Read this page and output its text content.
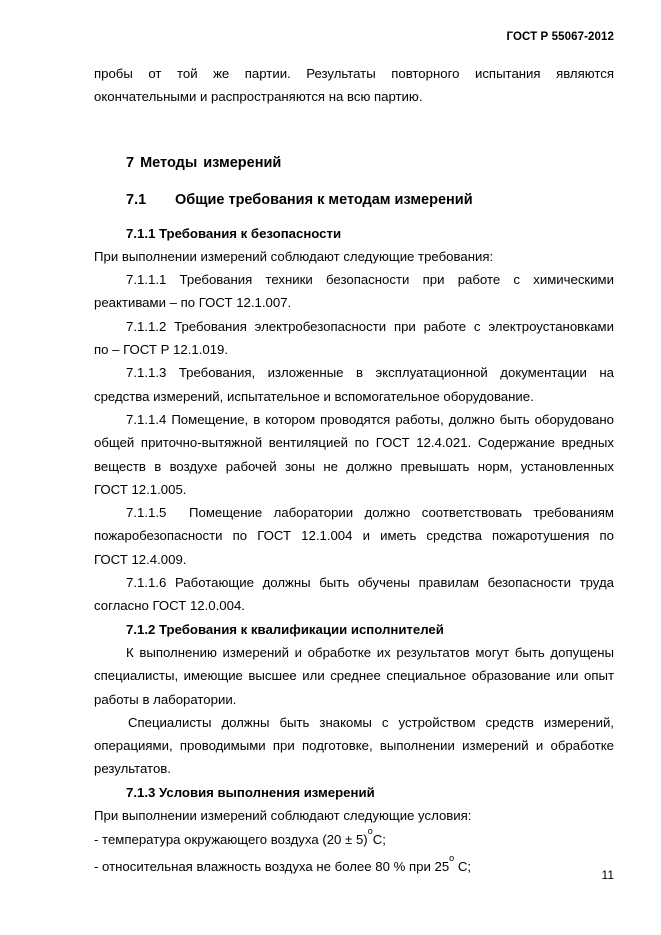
ГОСТ Р 55067-2012

пробы от той же партии. Результаты повторного испытания являются

окончательными и распространяются на всю партию.

7 Методы измерений

7.1 Общие требования к методам измерений

7.1.1 Требования к безопасности

При выполнении измерений соблюдают следующие требования:

7.1.1.1 Требования техники безопасности при работе с химическими

реактивами – по ГОСТ 12.1.007.

7.1.1.2 Требования электробезопасности при работе с электроустановками

по – ГОСТ Р 12.1.019.

7.1.1.3 Требования, изложенные в эксплуатационной документации на

средства измерений, испытательное и вспомогательное оборудование.

7.1.1.4 Помещение, в котором проводятся работы, должно быть оборудовано

общей приточно-вытяжной вентиляцией по ГОСТ 12.4.021. Содержание вредных

веществ в воздухе рабочей зоны не должно превышать норм, установленных

ГОСТ 12.1.005.

7.1.1.5  Помещение лаборатории должно соответствовать требованиям

пожаробезопасности по ГОСТ 12.1.004 и иметь средства пожаротушения по

ГОСТ 12.4.009.

7.1.1.6 Работающие должны быть обучены правилам безопасности труда

согласно ГОСТ 12.0.004.

7.1.2 Требования к квалификации исполнителей

К выполнению измерений и обработке их результатов могут быть допущены

специалисты, имеющие высшее или среднее специальное образование или опыт

работы в лаборатории.

Специалисты должны быть знакомы с устройством средств измерений,

операциями, проводимыми при подготовке, выполнении измерений и обработке

результатов.

7.1.3 Условия выполнения измерений

При выполнении измерений соблюдают следующие условия:

- температура окружающего воздуха $(20 \pm 5)^оС$;

- относительная влажность воздуха не более 80 % при $25^о$ С;

11
